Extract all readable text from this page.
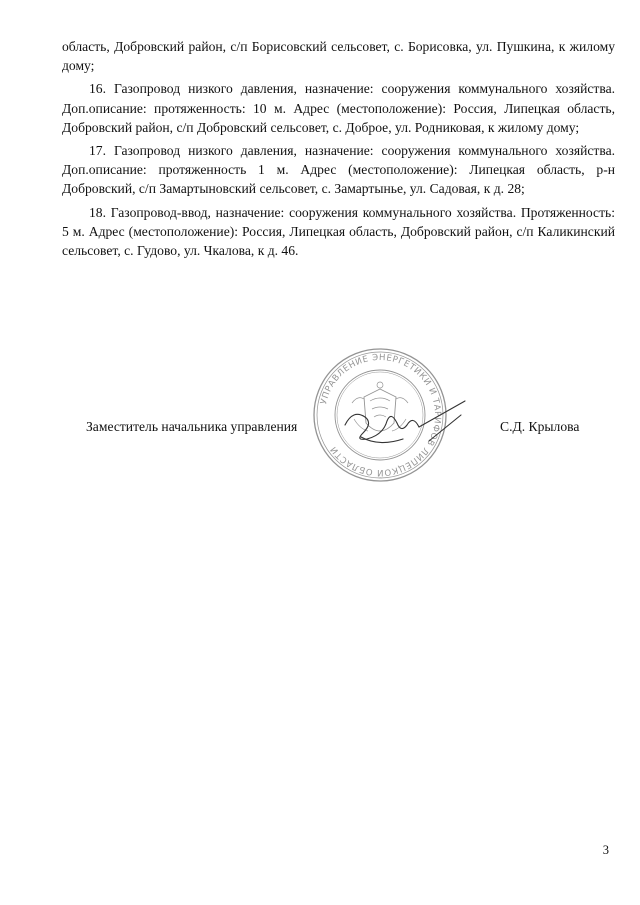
область, Добровский район, с/п Борисовский сельсовет, с. Борисовка, ул. Пушкина, к жилому дому;

16. Газопровод низкого давления, назначение: сооружения коммунального хозяйства. Доп.описание: протяженность: 10 м. Адрес (местоположение): Россия, Липецкая область, Добровский район, с/п Добровский сельсовет, с. Доброе, ул. Родниковая, к жилому дому;

17. Газопровод низкого давления, назначение: сооружения коммунального хозяйства. Доп.описание: протяженность 1 м. Адрес (местоположение): Липецкая область, р-н Добровский, с/п Замартыновский сельсовет, с. Замартынье, ул. Садовая, к д. 28;

18. Газопровод-ввод, назначение: сооружения коммунального хозяйства. Протяженность: 5 м. Адрес (местоположение): Россия, Липецкая область, Добровский район, с/п Каликинский сельсовет, с. Гудово, ул. Чкалова, к д. 46.

УПРАВЛЕНИЕ ЭНЕРГЕТИКИ И ТАРИФОВ ЛИПЕЦКОЙ ОБЛАСТИ
Заместитель начальника управления	С.Д. Крылова
3
